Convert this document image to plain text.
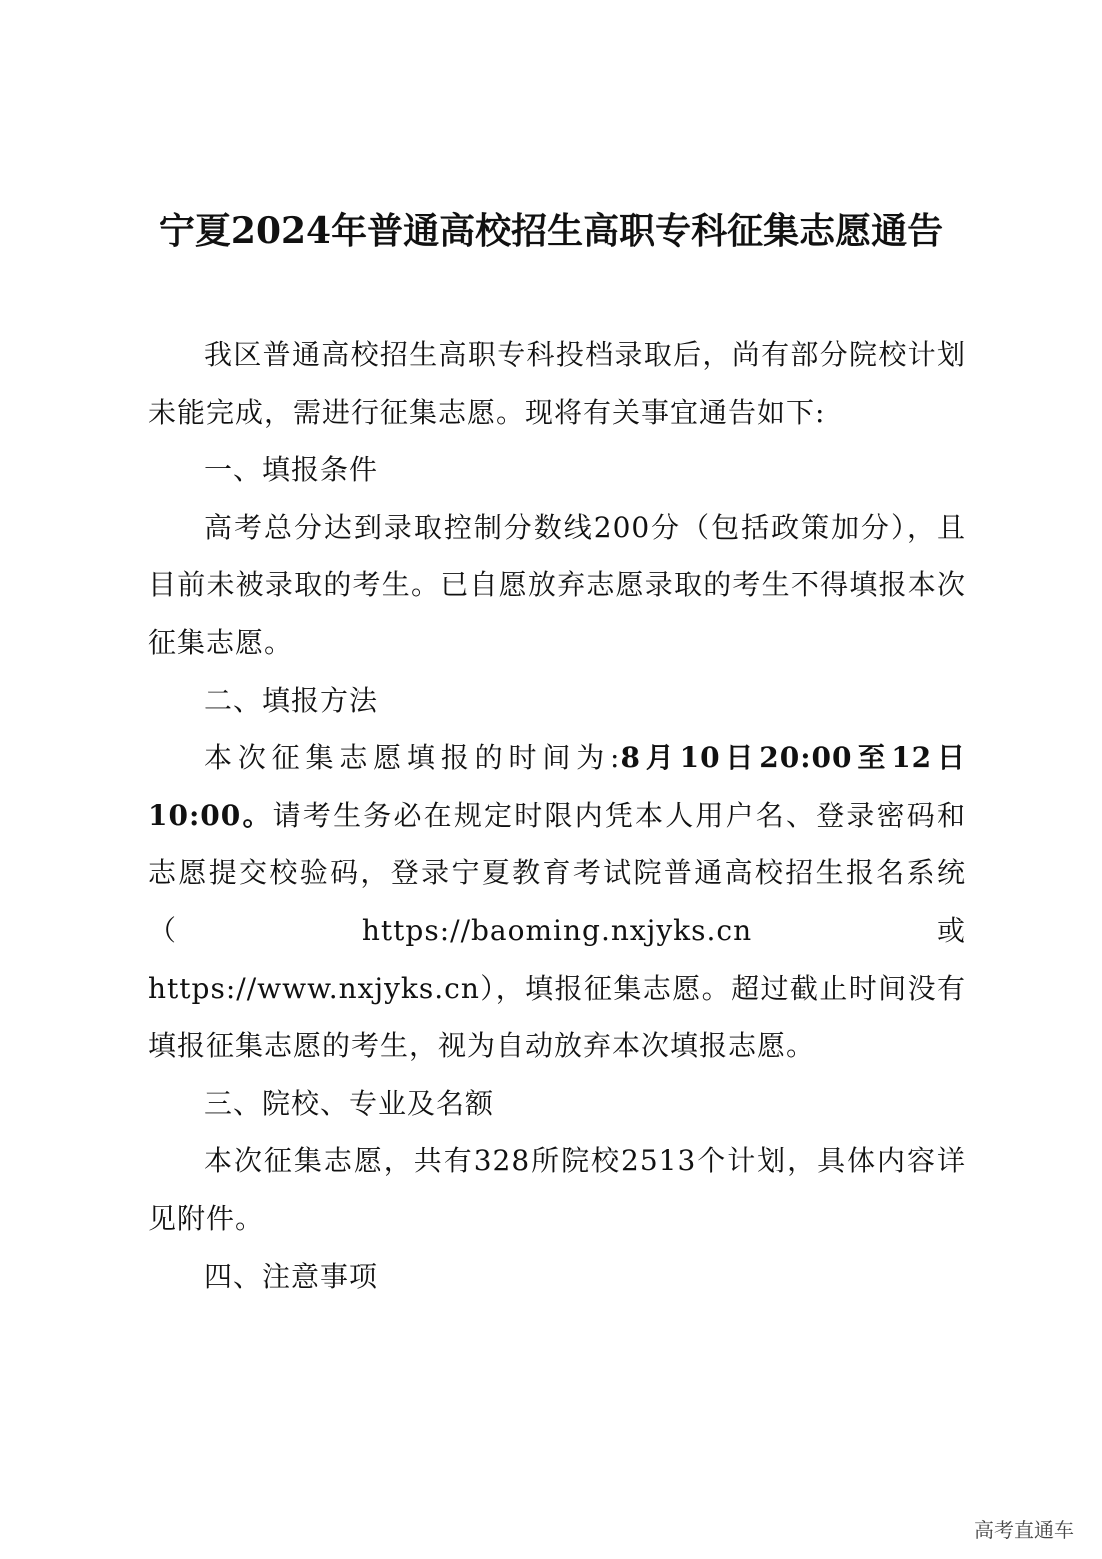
宁夏2024年普通高校招生高职专科征集志愿通告

我区普通高校招生高职专科投档录取后，尚有部分院校计划未能完成，需进行征集志愿。现将有关事宜通告如下:

一、填报条件

高考总分达到录取控制分数线200分（包括政策加分），且目前未被录取的考生。已自愿放弃志愿录取的考生不得填报本次征集志愿。

二、填报方法

本次征集志愿填报的时间为:8月10日20:00至12日10:00。请考生务必在规定时限内凭本人用户名、登录密码和志愿提交校验码，登录宁夏教育考试院普通高校招生报名系统（https://baoming.nxjyks.cn或https://www.nxjyks.cn），填报征集志愿。超过截止时间没有填报征集志愿的考生，视为自动放弃本次填报志愿。

三、院校、专业及名额

本次征集志愿，共有328所院校2513个计划，具体内容详见附件。

四、注意事项

高考直通车
